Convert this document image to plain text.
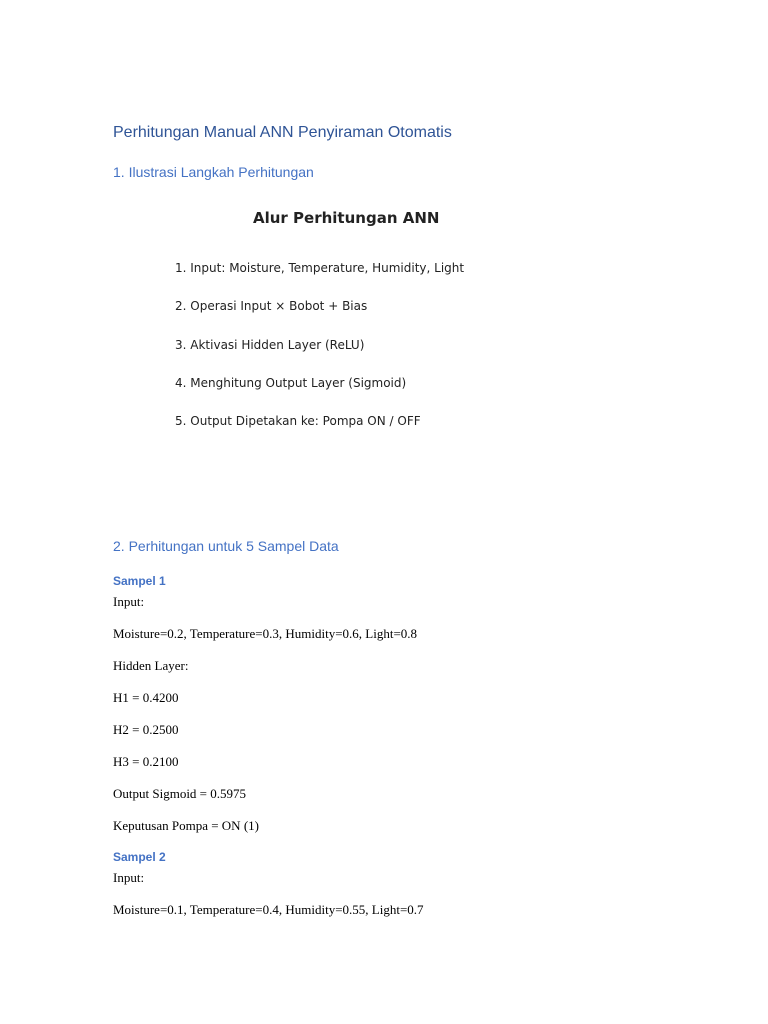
Perhitungan Manual ANN Penyiraman Otomatis
1. Ilustrasi Langkah Perhitungan
Alur Perhitungan ANN
1. Input: Moisture, Temperature, Humidity, Light
2. Operasi Input × Bobot + Bias
3. Aktivasi Hidden Layer (ReLU)
4. Menghitung Output Layer (Sigmoid)
5. Output Dipetakan ke: Pompa ON / OFF
2. Perhitungan untuk 5 Sampel Data
Sampel 1
Input:
Moisture=0.2, Temperature=0.3, Humidity=0.6, Light=0.8
Hidden Layer:
H1 = 0.4200
H2 = 0.2500
H3 = 0.2100
Output Sigmoid = 0.5975
Keputusan Pompa = ON (1)
Sampel 2
Input:
Moisture=0.1, Temperature=0.4, Humidity=0.55, Light=0.7
